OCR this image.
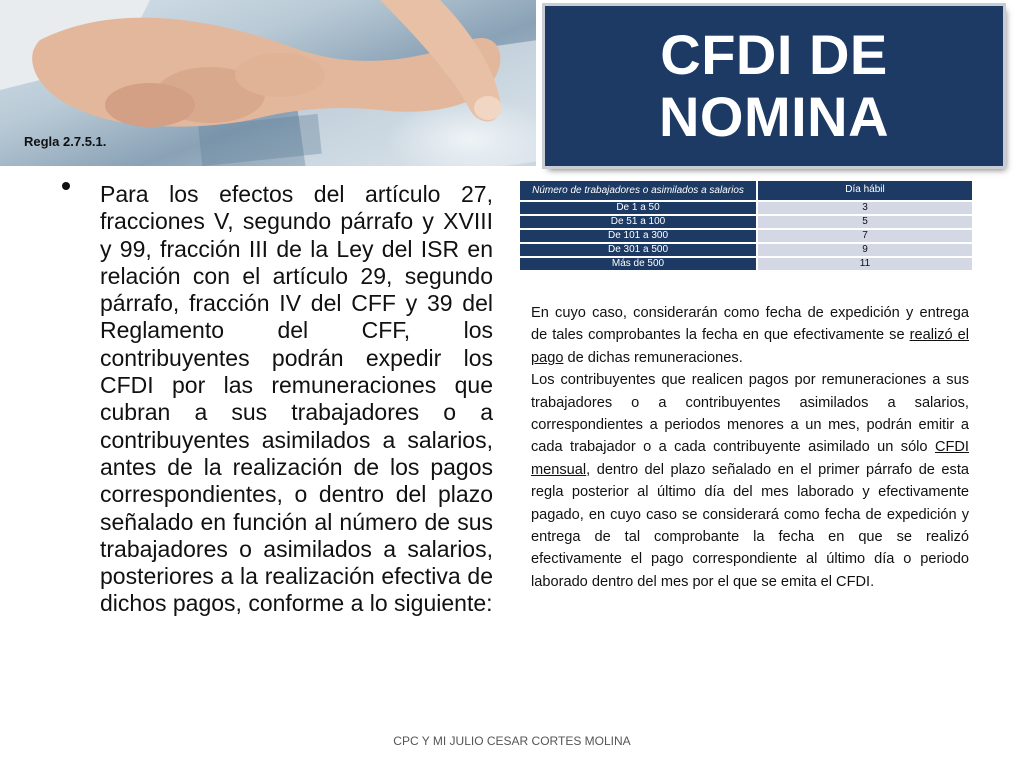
Regla 2.7.5.1.
CFDI DE
NOMINA
Para los efectos del artículo 27, fracciones V, segundo párrafo y XVIII y 99, fracción III de la Ley del ISR en relación con el artículo 29, segundo párrafo, fracción IV del CFF y 39 del Reglamento del CFF, los contribuyentes podrán expedir los CFDI por las remuneraciones que cubran a sus trabajadores o a contribuyentes asimilados a salarios, antes de la realización de los pagos correspondientes, o dentro del plazo señalado en función al número de sus trabajadores o asimilados a salarios, posteriores a la realización efectiva de dichos pagos, conforme a lo siguiente:
Número de trabajadores o asimilados a salarios	Día hábil
De 1 a 50	3
De 51 a 100	5
De 101 a 300	7
De 301 a 500	9
Más de 500	11

En cuyo caso, considerarán como fecha de expedición y entrega de tales comprobantes la fecha en que efectivamente se realizó el pago de dichas remuneraciones.

Los contribuyentes que realicen pagos por remuneraciones a sus trabajadores o a contribuyentes asimilados a salarios, correspondientes a periodos menores a un mes, podrán emitir a cada trabajador o a cada contribuyente asimilado un sólo CFDI mensual, dentro del plazo señalado en el primer párrafo de esta regla posterior al último día del mes laborado y efectivamente pagado, en cuyo caso se considerará como fecha de expedición y entrega de tal comprobante la fecha en que se realizó efectivamente el pago correspondiente al último día o periodo laborado dentro del mes por el que se emita el CFDI.

CPC Y MI JULIO CESAR CORTES MOLINA
